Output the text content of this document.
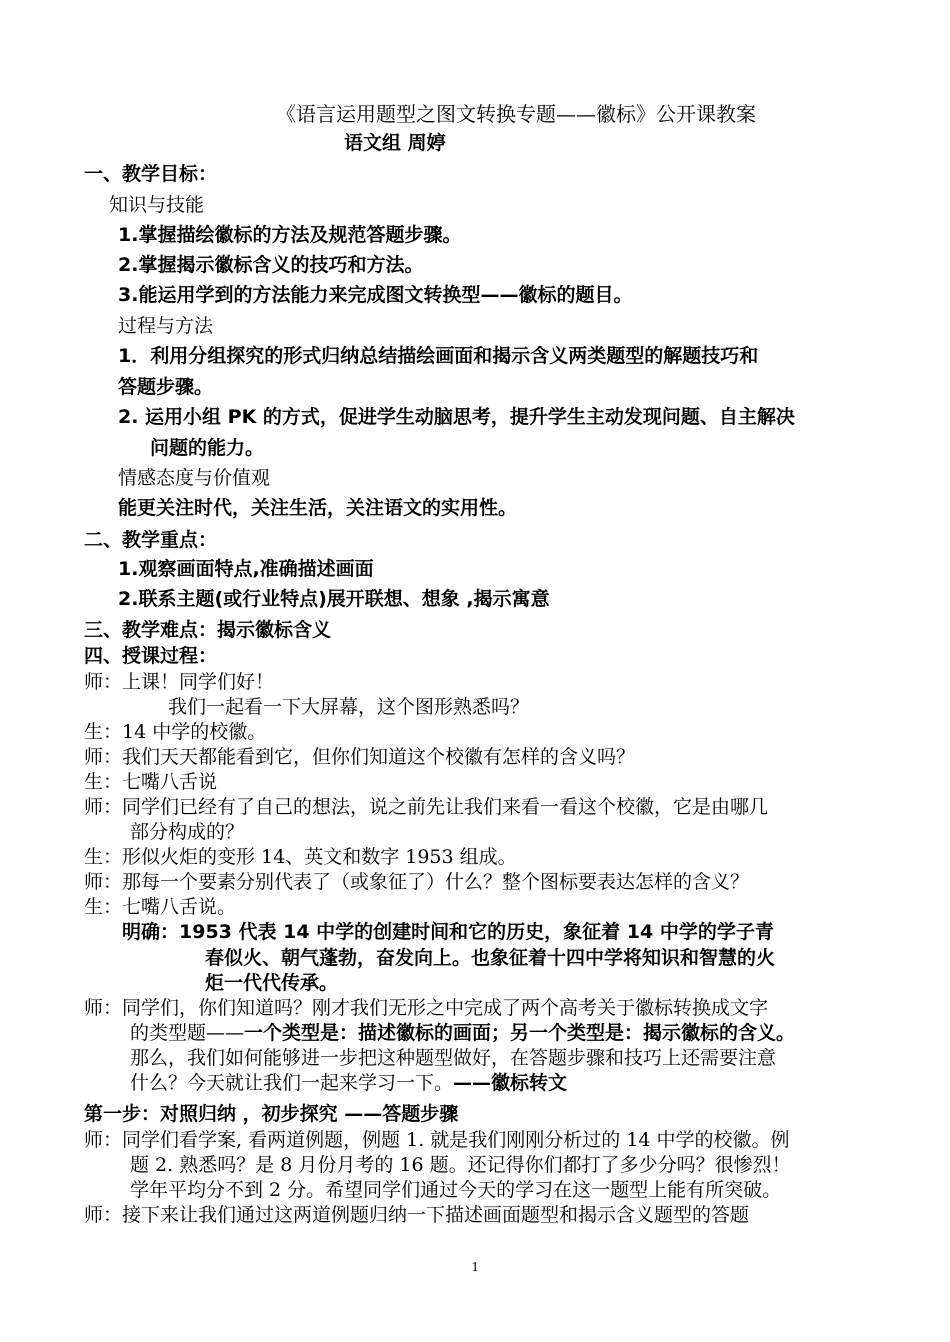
《语言运用题型之图文转换专题——徽标》公开课教案
语文组 周婷
一、教学目标：
知识与技能
1.掌握描绘徽标的方法及规范答题步骤。
2.掌握揭示徽标含义的技巧和方法。
3.能运用学到的方法能力来完成图文转换型——徽标的题目。
过程与方法
1．利用分组探究的形式归纳总结描绘画面和揭示含义两类题型的解题技巧和
答题步骤。
2. 运用小组 PK 的方式，促进学生动脑思考，提升学生主动发现问题、自主解决
问题的能力。
情感态度与价值观
能更关注时代，关注生活，关注语文的实用性。
二、教学重点：
1.观察画面特点,准确描述画面
2.联系主题(或行业特点)展开联想、想象 ,揭示寓意
三、教学难点：揭示徽标含义
四、授课过程：
师：上课！同学们好！
我们一起看一下大屏幕，这个图形熟悉吗？
生：14 中学的校徽。
师：我们天天都能看到它，但你们知道这个校徽有怎样的含义吗？
生：七嘴八舌说
师：同学们已经有了自己的想法，说之前先让我们来看一看这个校徽，它是由哪几
部分构成的？
生：形似火炬的变形 14、英文和数字 1953 组成。
师：那每一个要素分别代表了（或象征了）什么？整个图标要表达怎样的含义？
生：七嘴八舌说。
明确：1953 代表 14 中学的创建时间和它的历史，象征着 14 中学的学子青
春似火、朝气蓬勃，奋发向上。也象征着十四中学将知识和智慧的火
炬一代代传承。
师：同学们，你们知道吗？刚才我们无形之中完成了两个高考关于徽标转换成文字
的类型题——一个类型是：描述徽标的画面；另一个类型是：揭示徽标的含义。
那么，我们如何能够进一步把这种题型做好，在答题步骤和技巧上还需要注意
什么？今天就让我们一起来学习一下。——徽标转文
第一步：对照归纳 ，初步探究 ——答题步骤
师：同学们看学案, 看两道例题，例题 1. 就是我们刚刚分析过的 14 中学的校徽。例
题 2. 熟悉吗？是 8 月份月考的 16 题。还记得你们都打了多少分吗？很惨烈！
学年平均分不到 2 分。希望同学们通过今天的学习在这一题型上能有所突破。
师：接下来让我们通过这两道例题归纳一下描述画面题型和揭示含义题型的答题
1
